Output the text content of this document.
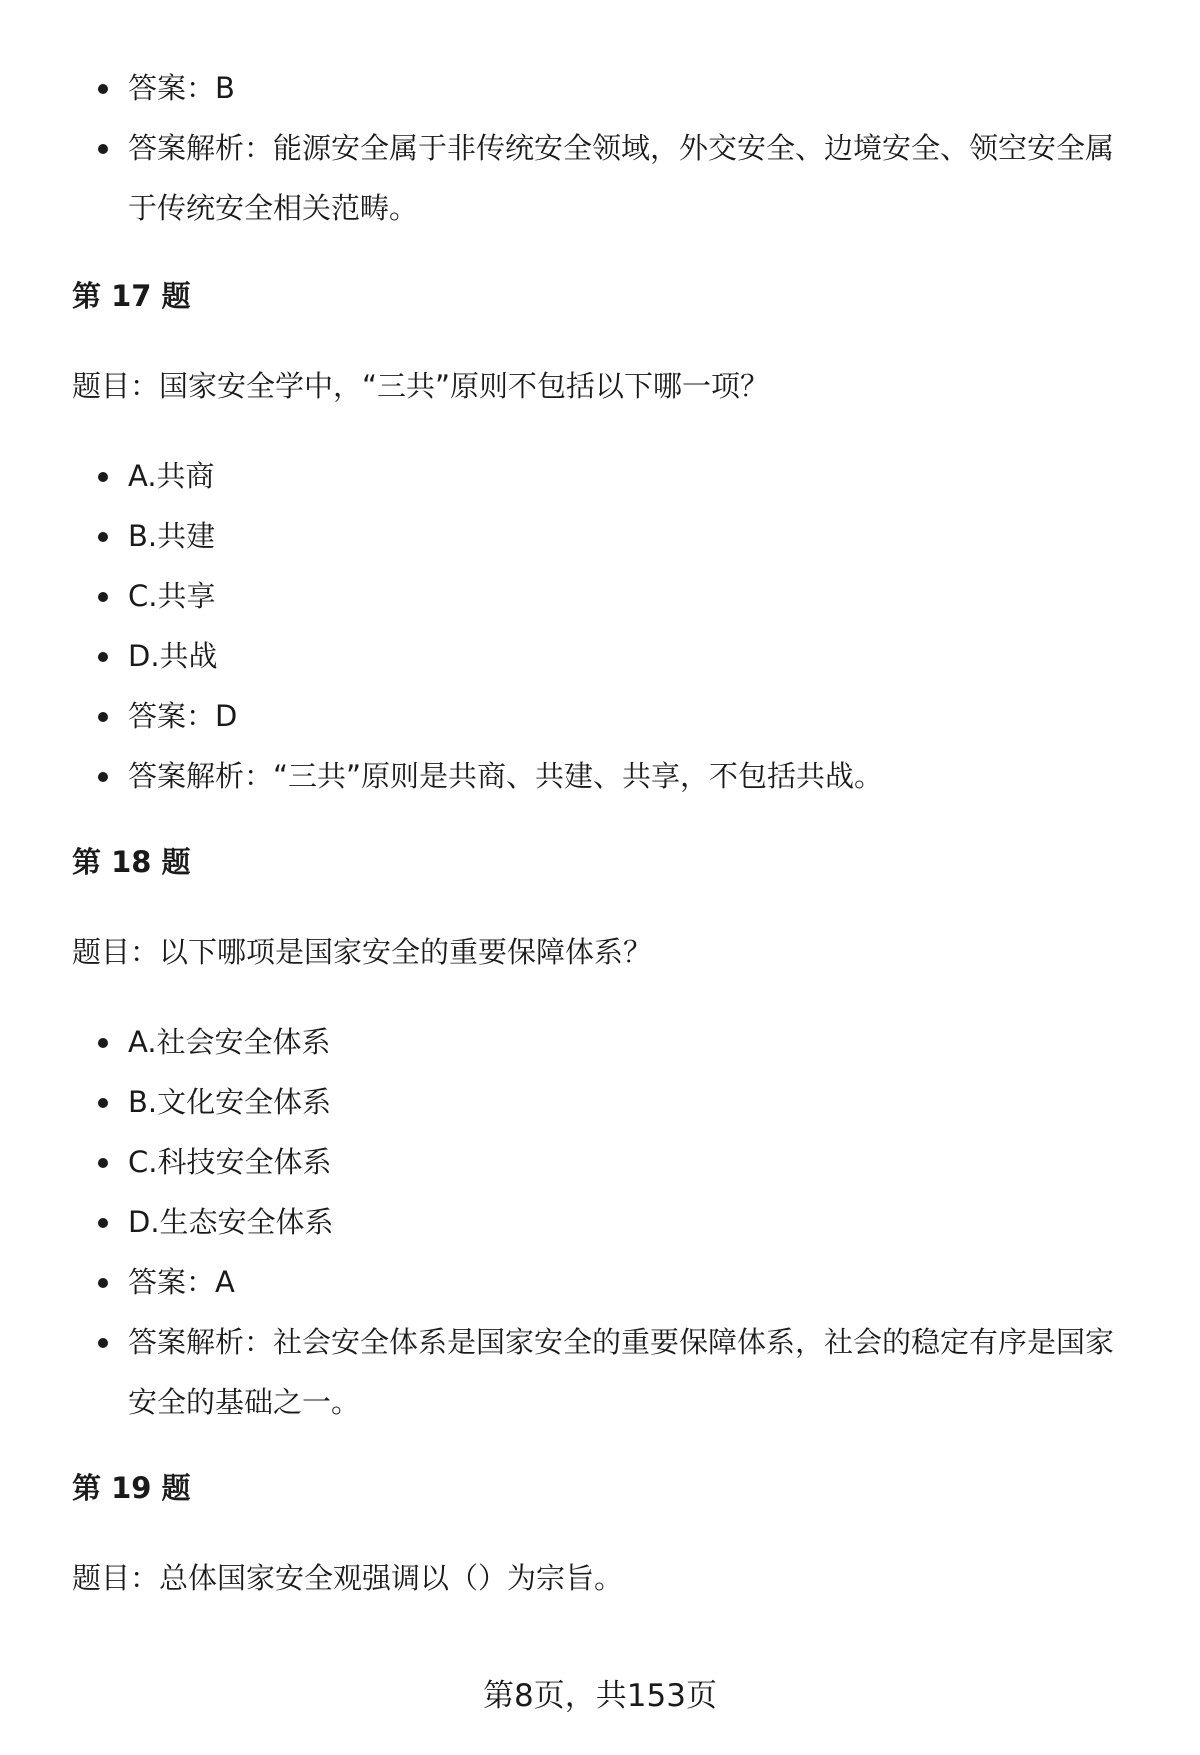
答案：B
答案解析：能源安全属于非传统安全领域，外交安全、边境安全、领空安全属于传统安全相关范畴。

第 17 题

题目：国家安全学中，“三共”原则不包括以下哪一项？

A.共商
B.共建
C.共享
D.共战
答案：D
答案解析：“三共”原则是共商、共建、共享，不包括共战。

第 18 题

题目：以下哪项是国家安全的重要保障体系？

A.社会安全体系
B.文化安全体系
C.科技安全体系
D.生态安全体系
答案：A
答案解析：社会安全体系是国家安全的重要保障体系，社会的稳定有序是国家安全的基础之一。

第 19 题

题目：总体国家安全观强调以（）为宗旨。

第8页，共153页
